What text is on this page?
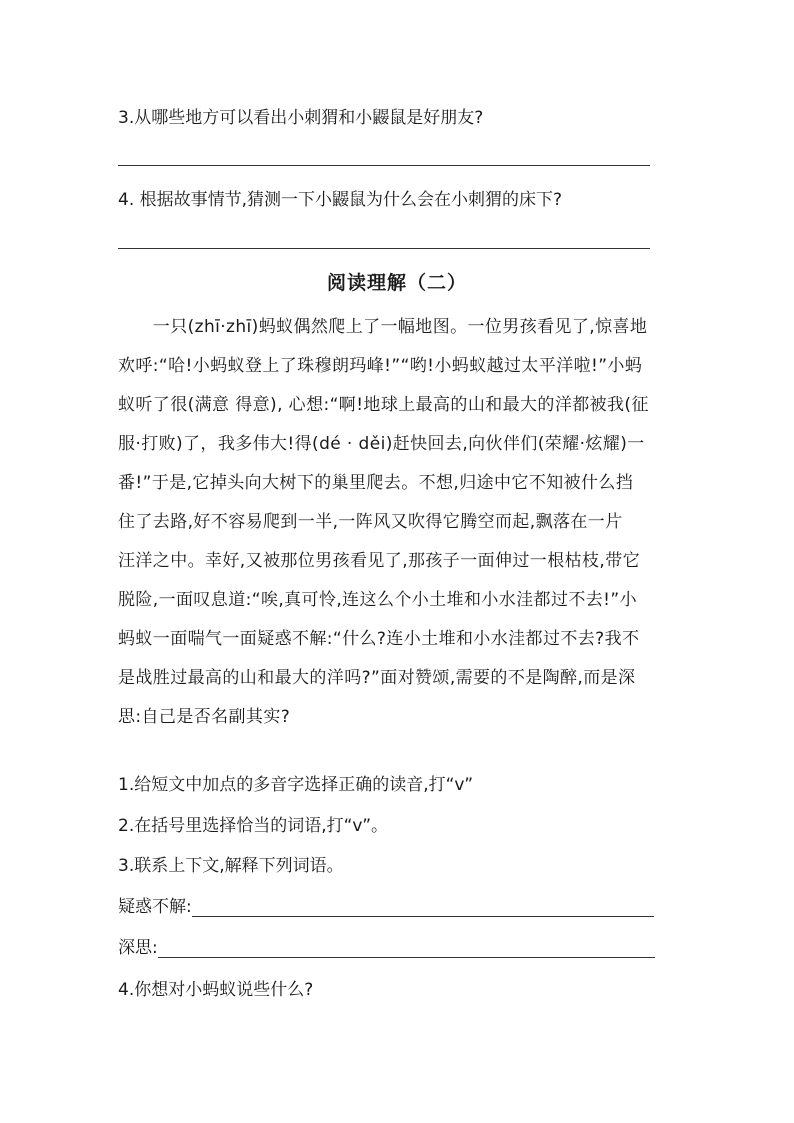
3.从哪些地方可以看出小刺猬和小鼹鼠是好朋友?
4. 根据故事情节,猜测一下小鼹鼠为什么会在小刺猬的床下?
阅读理解（二）
　　一只(zhī·zhī)蚂蚁偶然爬上了一幅地图。一位男孩看见了,惊喜地
欢呼:“哈!小蚂蚁登上了珠穆朗玛峰!”“哟!小蚂蚁越过太平洋啦!”小蚂
蚁听了很(满意 得意), 心想:“啊!地球上最高的山和最大的洋都被我(征
服·打败)了，我多伟大!得(dé · děi)赶快回去,向伙伴们(荣耀·炫耀)一
番!”于是,它掉头向大树下的巢里爬去。不想,归途中它不知被什么挡
住了去路,好不容易爬到一半,一阵风又吹得它腾空而起,飘落在一片
汪洋之中。幸好,又被那位男孩看见了,那孩子一面伸过一根枯枝,带它
脱险,一面叹息道:“唉,真可怜,连这么个小土堆和小水洼都过不去!”小
蚂蚁一面喘气一面疑惑不解:“什么?连小土堆和小水洼都过不去?我不
是战胜过最高的山和最大的洋吗?”面对赞颂,需要的不是陶醉,而是深
思:自己是否名副其实?
1.给短文中加点的多音字选择正确的读音,打“v”
2.在括号里选择恰当的词语,打“v”。
3.联系上下文,解释下列词语。
疑惑不解:
深思:
4.你想对小蚂蚁说些什么?
